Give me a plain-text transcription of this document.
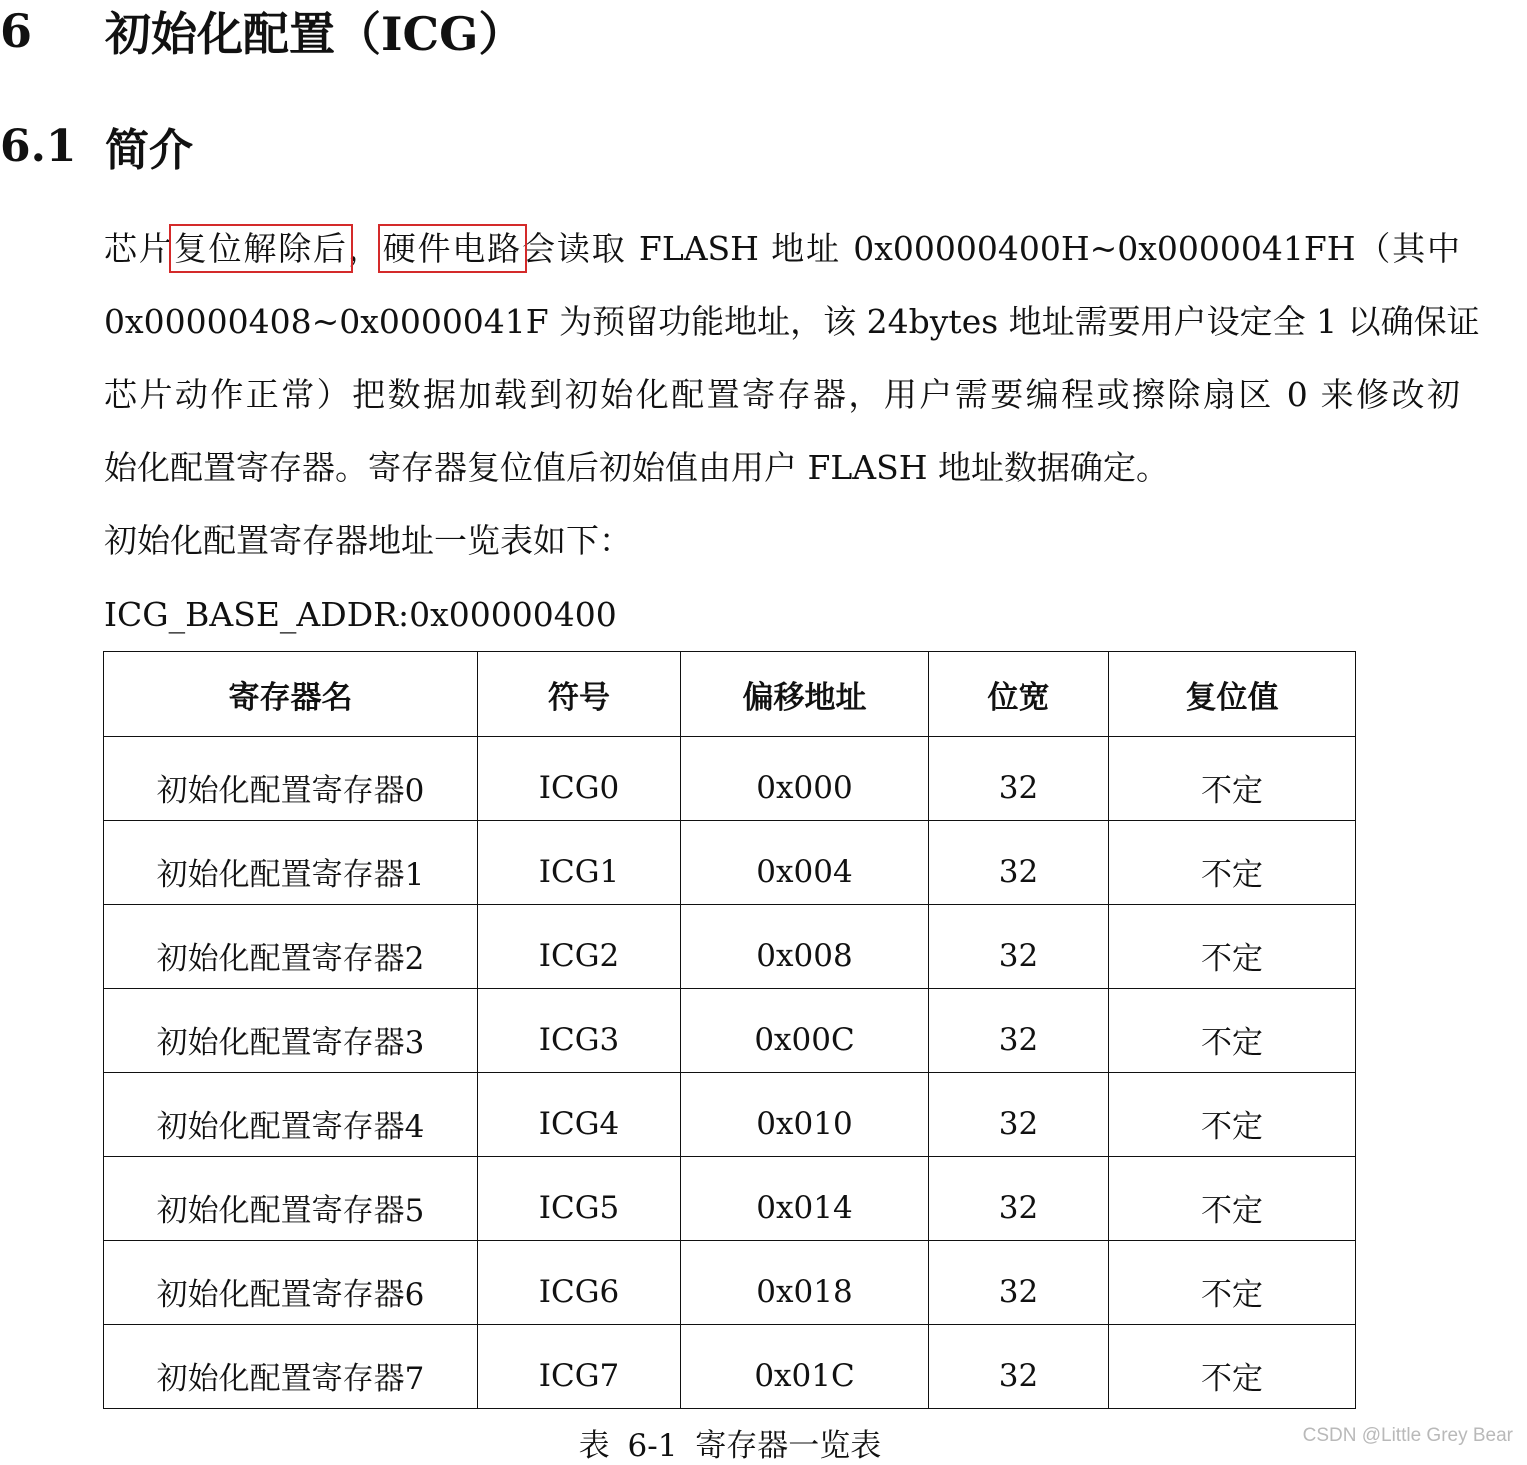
6	初始化配置（ICG）
6.1 简介
芯片复位解除后，硬件电路会读取 FLASH 地址 0x00000400H~0x0000041FH（其中
0x00000408~0x0000041F 为预留功能地址，该 24bytes 地址需要用户设定全 1 以确保证
芯片动作正常）把数据加载到初始化配置寄存器，用户需要编程或擦除扇区 0 来修改初
始化配置寄存器。寄存器复位值后初始值由用户 FLASH 地址数据确定。
初始化配置寄存器地址一览表如下：
ICG_BASE_ADDR:0x00000400
寄存器名	符号	偏移地址	位宽	复位值
初始化配置寄存器0	ICG0	0x000	32	不定
初始化配置寄存器1	ICG1	0x004	32	不定
初始化配置寄存器2	ICG2	0x008	32	不定
初始化配置寄存器3	ICG3	0x00C	32	不定
初始化配置寄存器4	ICG4	0x010	32	不定
初始化配置寄存器5	ICG5	0x014	32	不定
初始化配置寄存器6	ICG6	0x018	32	不定
初始化配置寄存器7	ICG7	0x01C	32	不定
表 6-1 寄存器一览表	CSDN @Little Grey Bear
